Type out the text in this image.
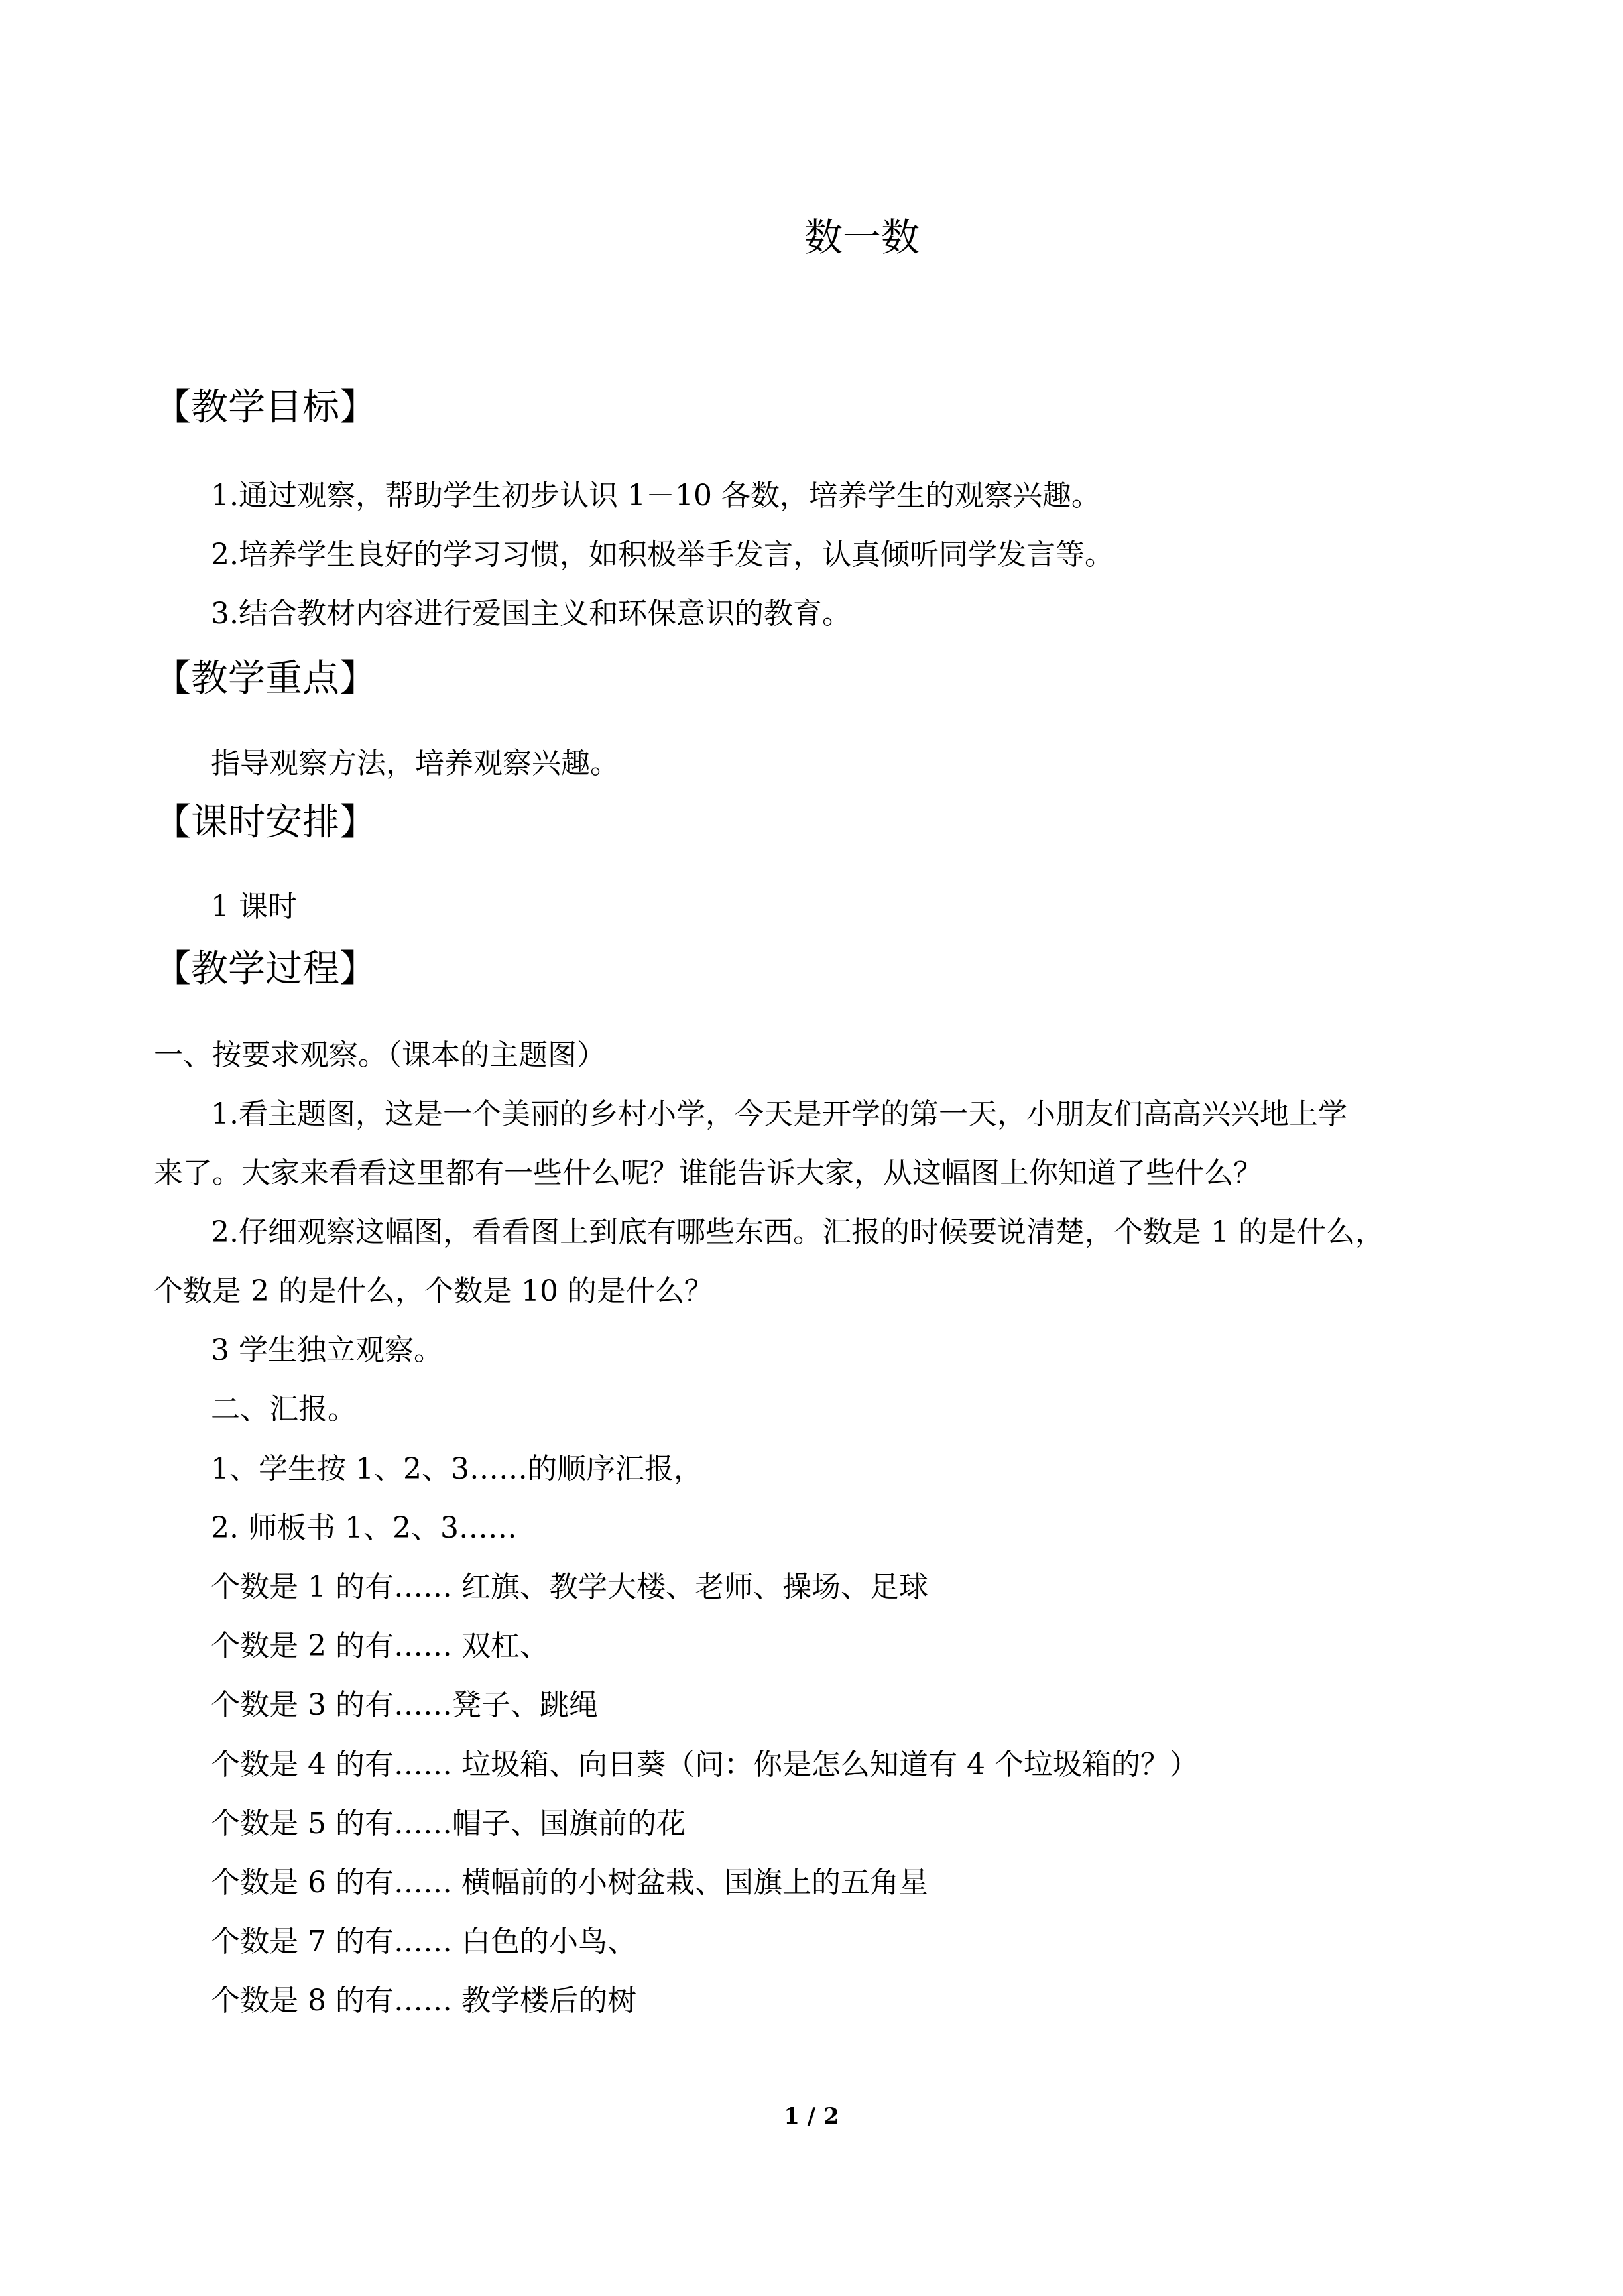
数一数
【教学目标】

1.通过观察，帮助学生初步认识 1－10 各数，培养学生的观察兴趣。

2.培养学生良好的学习习惯，如积极举手发言，认真倾听同学发言等。

3.结合教材内容进行爱国主义和环保意识的教育。

【教学重点】

指导观察方法，培养观察兴趣。

【课时安排】

1 课时

【教学过程】

一、按要求观察。（课本的主题图）

1.看主题图，这是一个美丽的乡村小学，今天是开学的第一天，小朋友们高高兴兴地上学

来了。大家来看看这里都有一些什么呢？谁能告诉大家，从这幅图上你知道了些什么？

2.仔细观察这幅图，看看图上到底有哪些东西。汇报的时候要说清楚，个数是 1 的是什么，

个数是 2 的是什么，个数是 10 的是什么？

3 学生独立观察。

二、汇报。

1、学生按 1、2、3……的顺序汇报，

2. 师板书 1、2、3……

个数是 1 的有…… 红旗、教学大楼、老师、操场、足球

个数是 2 的有…… 双杠、

个数是 3 的有……凳子、跳绳

个数是 4 的有…… 垃圾箱、向日葵（问：你是怎么知道有 4 个垃圾箱的？）

个数是 5 的有……帽子、国旗前的花

个数是 6 的有…… 横幅前的小树盆栽、国旗上的五角星

个数是 7 的有…… 白色的小鸟、

个数是 8 的有…… 教学楼后的树

1 / 2
